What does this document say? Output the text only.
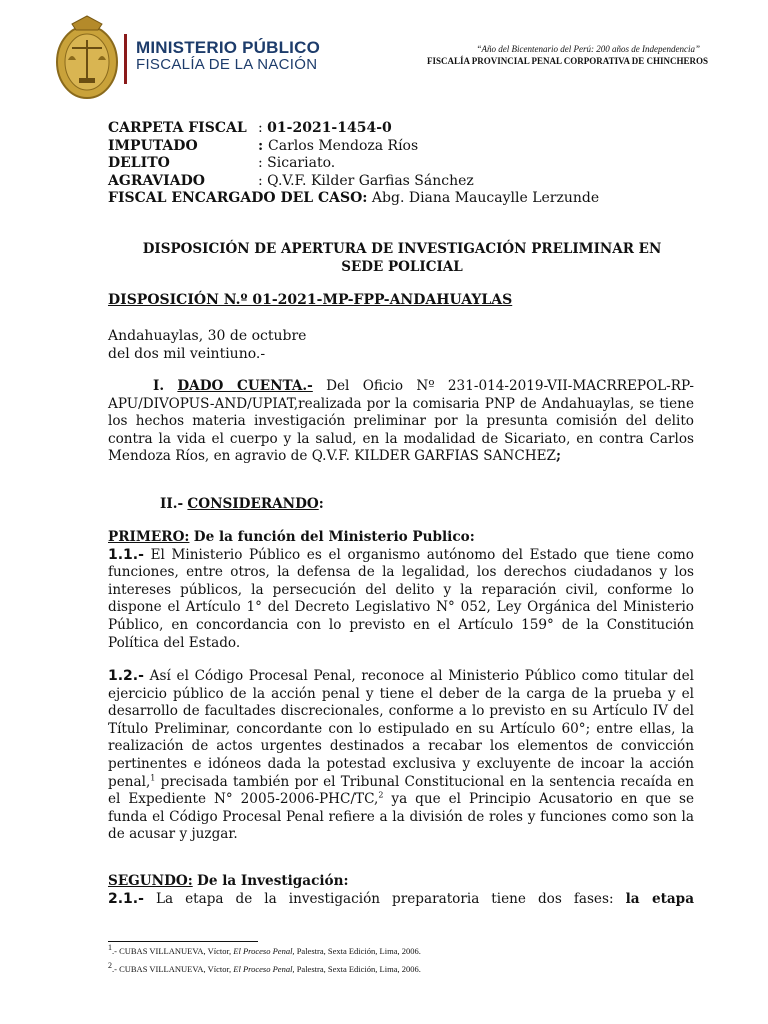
MINISTERIO PÚBLICO
FISCALÍA DE LA NACIÓN
“Año del Bicentenario del Perú: 200 años de Independencia”
FISCALÍA PROVINCIAL PENAL CORPORATIVA DE CHINCHEROS
CARPETA FISCAL : 01-2021-1454-0
IMPUTADO	: Carlos Mendoza Ríos
DELITO	: Sicariato.
AGRAVIADO	: Q.V.F. Kilder Garfias Sánchez
FISCAL ENCARGADO DEL CASO: Abg. Diana Maucaylle Lerzunde
DISPOSICIÓN DE APERTURA DE INVESTIGACIÓN PRELIMINAR EN
SEDE POLICIAL
DISPOSICIÓN N.º 01-2021-MP-FPP-ANDAHUAYLAS
Andahuaylas, 30 de octubre
del dos mil veintiuno.-
I. DADO CUENTA.- Del Oficio Nº 231-014-2019-VII-MACRREPOL-RP-APU/DIVOPUS-AND/UPIAT,realizada por la comisaria PNP de Andahuaylas, se tiene los hechos materia investigación preliminar por la presunta comisión del delito contra la vida el cuerpo y la salud, en la modalidad de Sicariato, en contra Carlos Mendoza Ríos, en agravio de Q.V.F. KILDER GARFIAS SANCHEZ;
II.- CONSIDERANDO:
PRIMERO: De la función del Ministerio Publico:
1.1.- El Ministerio Público es el organismo autónomo del Estado que tiene como funciones, entre otros, la defensa de la legalidad, los derechos ciudadanos y los intereses públicos, la persecución del delito y la reparación civil, conforme lo dispone el Artículo 1° del Decreto Legislativo N° 052, Ley Orgánica del Ministerio Público, en concordancia con lo previsto en el Artículo 159° de la Constitución Política del Estado.
1.2.- Así el Código Procesal Penal, reconoce al Ministerio Público como titular del ejercicio público de la acción penal y tiene el deber de la carga de la prueba y el desarrollo de facultades discrecionales, conforme a lo previsto en su Artículo IV del Título Preliminar, concordante con lo estipulado en su Artículo 60°; entre ellas, la realización de actos urgentes destinados a recabar los elementos de convicción pertinentes e idóneos dada la potestad exclusiva y excluyente de incoar la acción penal,$^1$ precisada también por el Tribunal Constitucional en la sentencia recaída en el Expediente N° 2005-2006-PHC/TC,$^2$ ya que el Principio Acusatorio en que se funda el Código Procesal Penal refiere a la división de roles y funciones como son la de acusar y juzgar.
SEGUNDO: De la Investigación:
2.1.- La etapa de la investigación preparatoria tiene dos fases: la etapa
$^1$.- CUBAS VILLANUEVA, Víctor, El Proceso Penal, Palestra, Sexta Edición, Lima, 2006.
$^2$.- CUBAS VILLANUEVA, Víctor, El Proceso Penal, Palestra, Sexta Edición, Lima, 2006.
